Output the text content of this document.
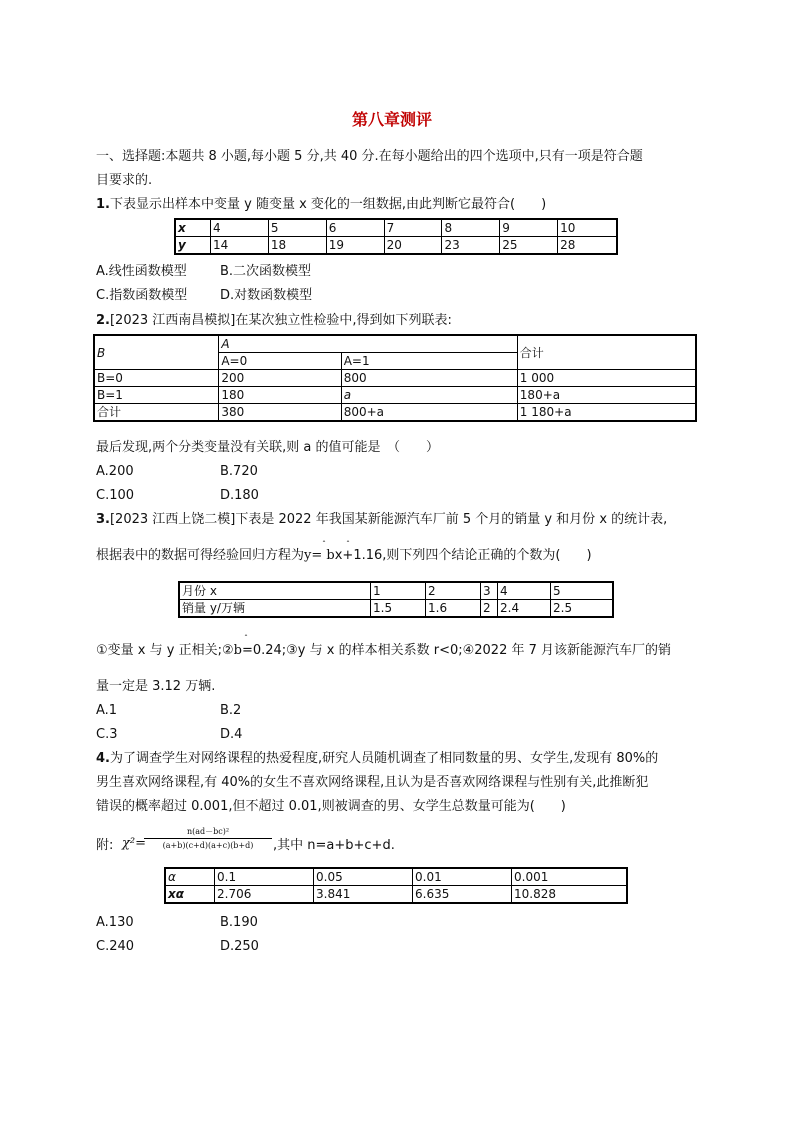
第八章测评
一、选择题:本题共 8 小题,每小题 5 分,共 40 分.在每小题给出的四个选项中,只有一项是符合题
目要求的.
1.下表显示出样本中变量 y 随变量 x 变化的一组数据,由此判断它最符合(　　)
x	4	5	6	7	8	9	10
y	14	18	19	20	23	25	28
A.线性函数模型	B.二次函数模型
C.指数函数模型	D.对数函数模型
2.[2023 江西南昌模拟]在某次独立性检验中,得到如下列联表:
B	A		合计
	A=0	A=1	
B=0	200	800	1 000
B=1	180	a	180+a
合计	380	800+a	1 180+a
最后发现,两个分类变量没有关联,则 a 的值可能是　（　　）
A.200	B.720
C.100	D.180
3.[2023 江西上饶二模]下表是 2022 年我国某新能源汽车厂前 5 个月的销量 y 和月份 x 的统计表,
根据表中的数据可得经验回归方程为y= bx+1.16,则下列四个结论正确的个数为(　　)
ˆ	ˆ
月份 x	1	2	3	4	5
销量 y/万辆	1.5	1.6	2	2.4	2.5
①变量 x 与 y 正相关;②b=0.24;③y 与 x 的样本相关系数 r<0;④2022 年 7 月该新能源汽车厂的销
ˆ
量一定是 3.12 万辆.
A.1	B.2
C.3	D.4
4.为了调查学生对网络课程的热爱程度,研究人员随机调查了相同数量的男、女学生,发现有 80%的
男生喜欢网络课程,有 40%的女生不喜欢网络课程,且认为是否喜欢网络课程与性别有关,此推断犯
错误的概率超过 0.001,但不超过 0.01,则被调查的男、女学生总数量可能为(　　)
附: χ²=
n(ad－bc)²
(a+b)(c+d)(a+c)(b+d)	,其中 n=a+b+c+d.
α	0.1	0.05	0.01	0.001
xα	2.706	3.841	6.635	10.828
A.130	B.190
C.240	D.250
